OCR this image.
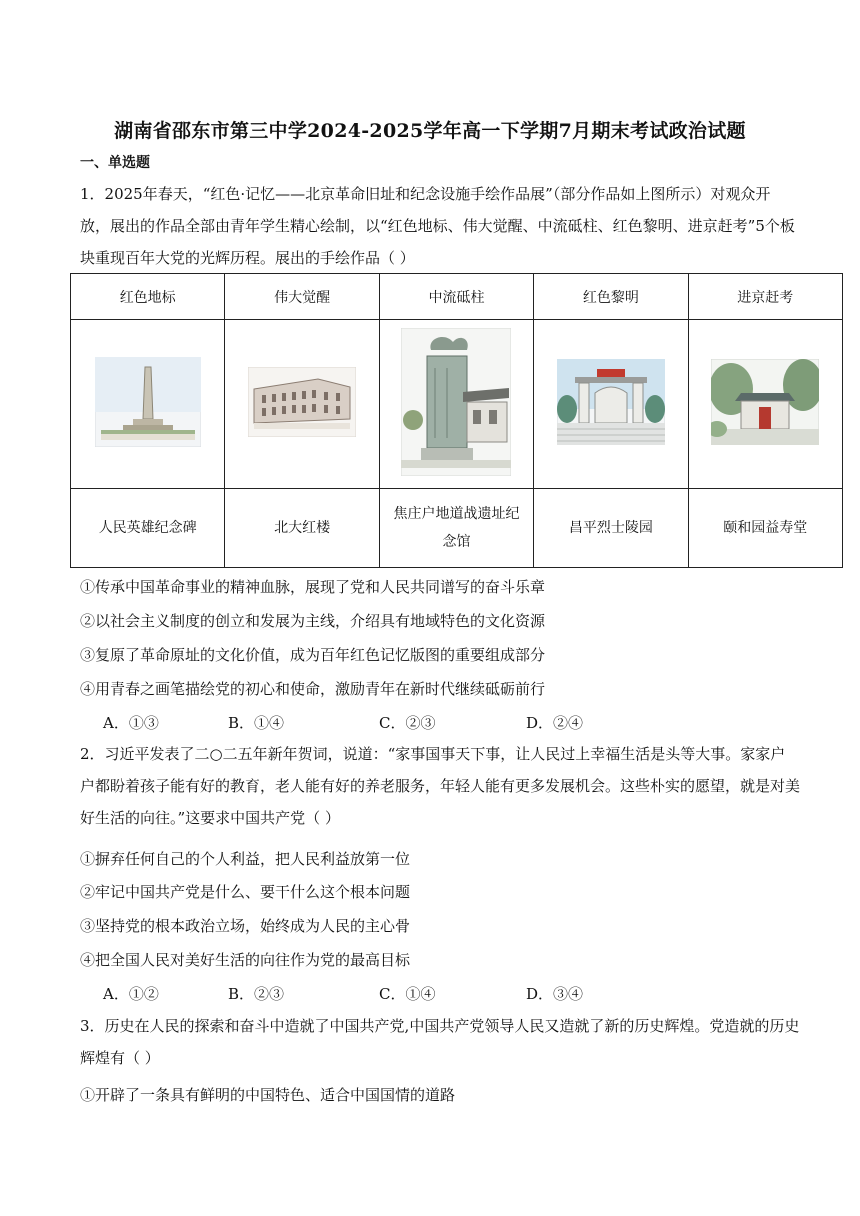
湖南省邵东市第三中学2024-2025学年高一下学期7月期末考试政治试题
一、单选题
1．2025年春天，“红色·记忆——北京革命旧址和纪念设施手绘作品展”（部分作品如上图所示）对观众开放，展出的作品全部由青年学生精心绘制，以“红色地标、伟大觉醒、中流砥柱、红色黎明、进京赶考”5个板块重现百年大党的光辉历程。展出的手绘作品（ ）
红色地标	伟大觉醒	中流砥柱	红色黎明	进京赶考

人民英雄纪念碑	北大红楼	焦庄户地道战遗址纪念馆	昌平烈士陵园	颐和园益寿堂
①传承中国革命事业的精神血脉，展现了党和人民共同谱写的奋斗乐章
②以社会主义制度的创立和发展为主线，介绍具有地域特色的文化资源
③复原了革命原址的文化价值，成为百年红色记忆版图的重要组成部分
④用青春之画笔描绘党的初心和使命，激励青年在新时代继续砥砺前行
A．①③	B．①④	C．②③	D．②④
2．习近平发表了二○二五年新年贺词，说道：“家事国事天下事，让人民过上幸福生活是头等大事。家家户户都盼着孩子能有好的教育，老人能有好的养老服务，年轻人能有更多发展机会。这些朴实的愿望，就是对美好生活的向往。”这要求中国共产党（ ）
①摒弃任何自己的个人利益，把人民利益放第一位
②牢记中国共产党是什么、要干什么这个根本问题
③坚持党的根本政治立场，始终成为人民的主心骨
④把全国人民对美好生活的向往作为党的最高目标
A．①②	B．②③	C．①④	D．③④
3．历史在人民的探索和奋斗中造就了中国共产党,中国共产党领导人民又造就了新的历史辉煌。党造就的历史辉煌有（ ）
①开辟了一条具有鲜明的中国特色、适合中国国情的道路
